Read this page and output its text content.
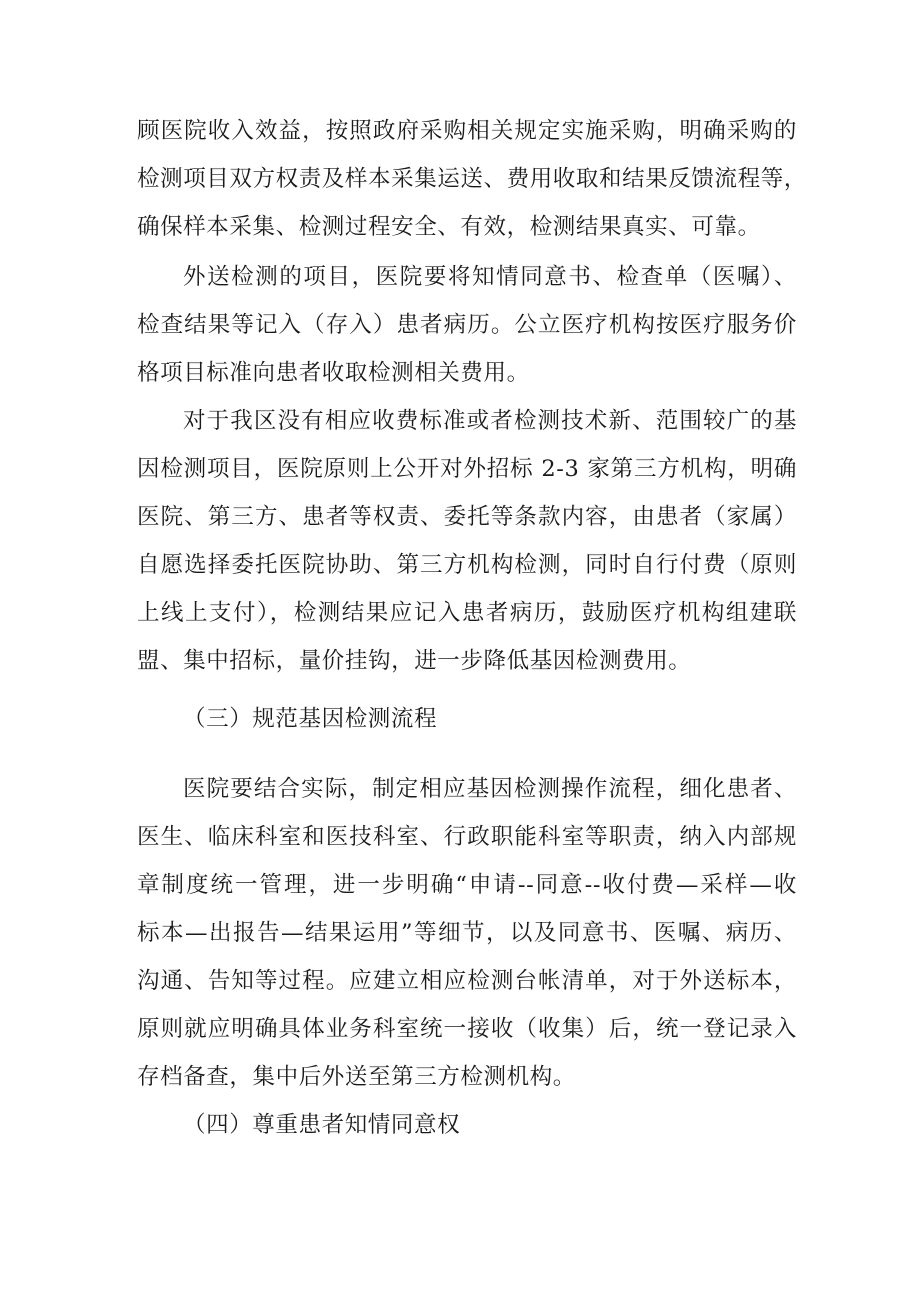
顾医院收入效益，按照政府采购相关规定实施采购，明确采购的
检测项目双方权责及样本采集运送、费用收取和结果反馈流程等，
确保样本采集、检测过程安全、有效，检测结果真实、可靠。
外送检测的项目，医院要将知情同意书、检查单（医嘱）、
检查结果等记入（存入）患者病历。公立医疗机构按医疗服务价
格项目标准向患者收取检测相关费用。
对于我区没有相应收费标准或者检测技术新、范围较广的基
因检测项目，医院原则上公开对外招标 2-3 家第三方机构，明确
医院、第三方、患者等权责、委托等条款内容，由患者（家属）
自愿选择委托医院协助、第三方机构检测，同时自行付费（原则
上线上支付），检测结果应记入患者病历，鼓励医疗机构组建联
盟、集中招标，量价挂钩，进一步降低基因检测费用。
（三）规范基因检测流程
医院要结合实际，制定相应基因检测操作流程，细化患者、
医生、临床科室和医技科室、行政职能科室等职责，纳入内部规
章制度统一管理，进一步明确“申请--同意--收付费—采样—收
标本—出报告—结果运用”等细节，以及同意书、医嘱、病历、
沟通、告知等过程。应建立相应检测台帐清单，对于外送标本，
原则就应明确具体业务科室统一接收（收集）后，统一登记录入
存档备查，集中后外送至第三方检测机构。
（四）尊重患者知情同意权
